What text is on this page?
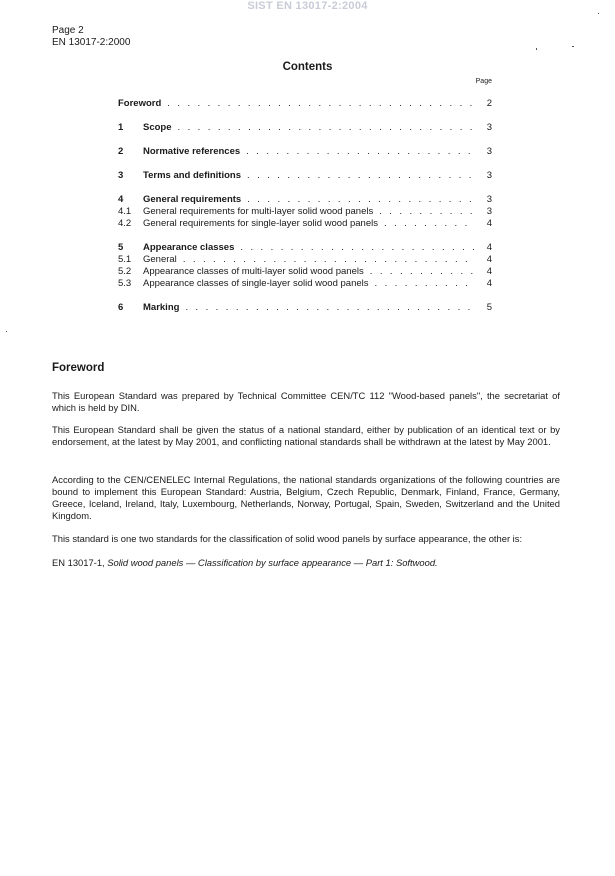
SIST EN 13017-2:2004
Page 2
EN 13017-2:2000
Contents
Page
Foreword . . .	2
1	Scope . . .	3
2	Normative references . . .	3
3	Terms and definitions . . .	3
4	General requirements . . .	3
4.1	General requirements for multi-layer solid wood panels . . .	3
4.2	General requirements for single-layer solid wood panels . . .	4
5	Appearance classes . . .	4
5.1	General . . .	4
5.2	Appearance classes of multi-layer solid wood panels . . .	4
5.3	Appearance classes of single-layer solid wood panels . . .	4
6	Marking . . .	5
Foreword

This European Standard was prepared by Technical Committee CEN/TC 112 "Wood-based panels", the secretariat of which is held by DIN.

This European Standard shall be given the status of a national standard, either by publication of an identical text or by endorsement, at the latest by May 2001, and conflicting national standards shall be withdrawn at the latest by May 2001.

According to the CEN/CENELEC Internal Regulations, the national standards organizations of the following countries are bound to implement this European Standard: Austria, Belgium, Czech Republic, Denmark, Finland, France, Germany, Greece, Iceland, Ireland, Italy, Luxembourg, Netherlands, Norway, Portugal, Spain, Sweden, Switzerland and the United Kingdom.

This standard is one two standards for the classification of solid wood panels by surface appearance, the other is:

EN 13017-1, Solid wood panels — Classification by surface appearance — Part 1: Softwood.
